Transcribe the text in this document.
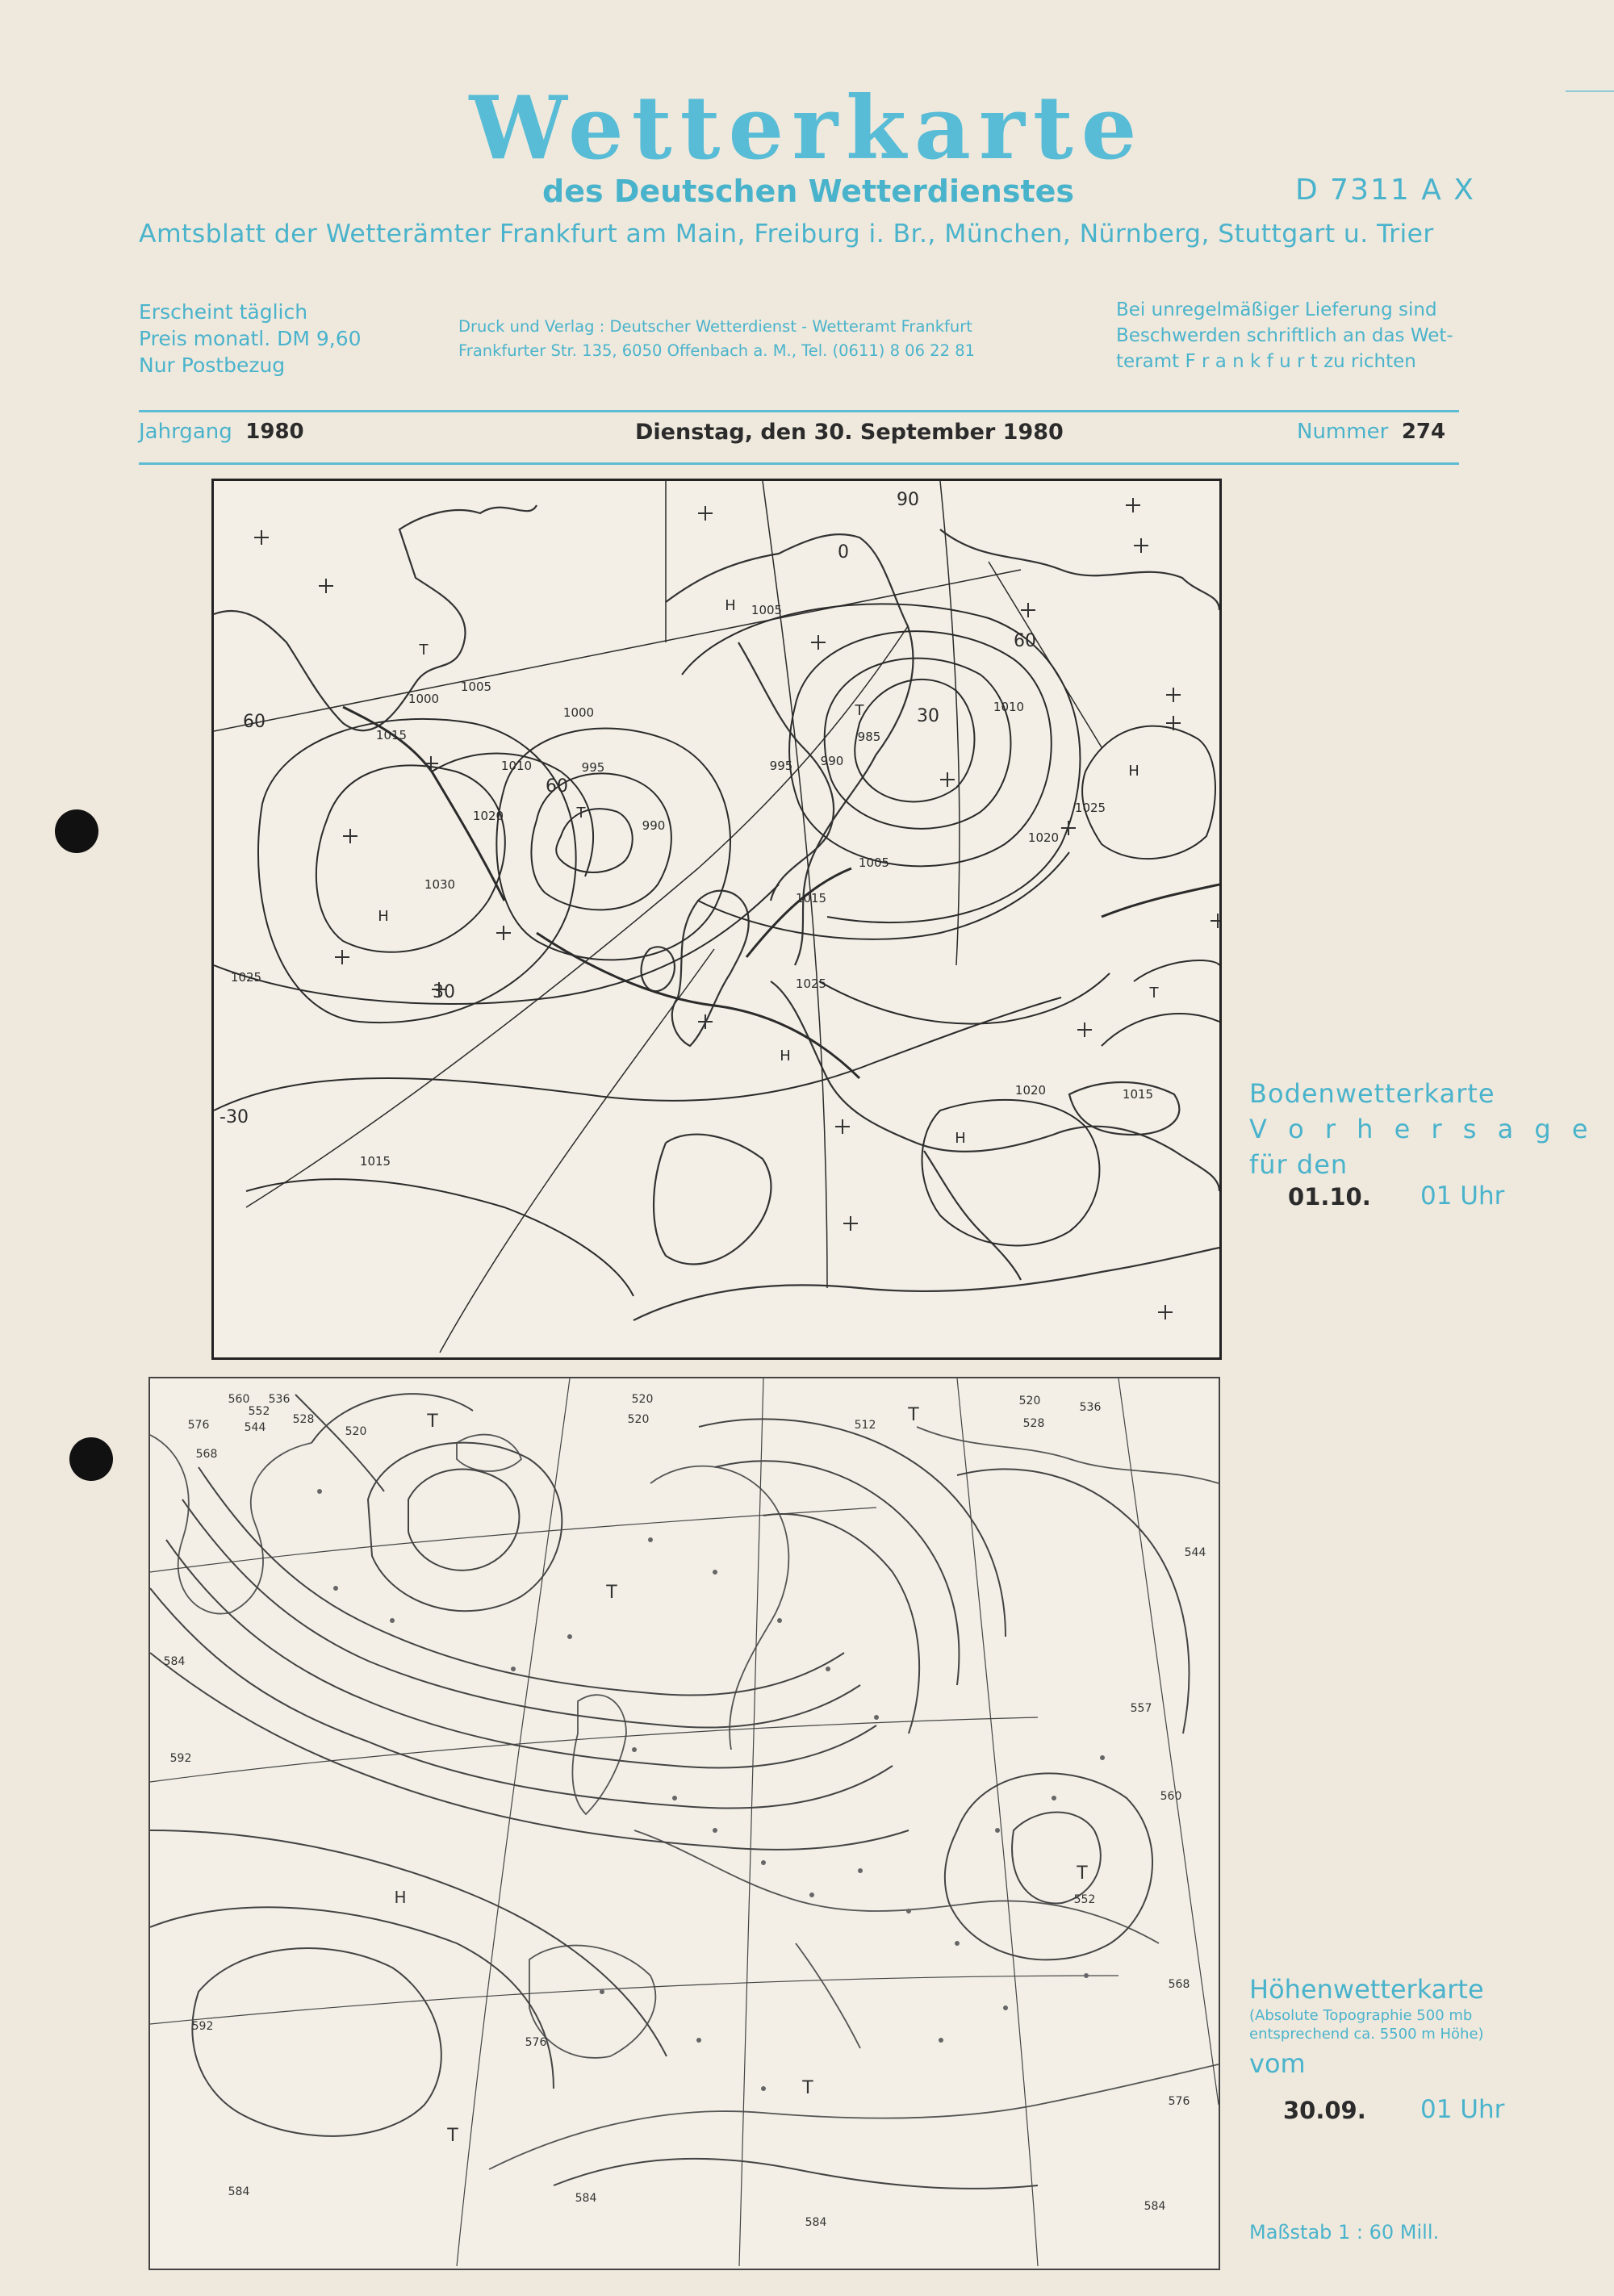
Wetterkarte
des Deutschen Wetterdienstes	D 7311 A X
Amtsblatt der Wetterämter Frankfurt am Main, Freiburg i. Br., München, Nürnberg, Stuttgart u. Trier
Erscheint täglich
Preis monatl. DM 9,60
Nur Postbezug
Druck und Verlag : Deutscher Wetterdienst - Wetteramt Frankfurt
Frankfurter Str. 135, 6050 Offenbach a. M., Tel. (0611) 8 06 22 81
Bei unregelmäßiger Lieferung sind
Beschwerden schriftlich an das Wet-
teramt F r a n k f u r t zu richten
Jahrgang 1980	Dienstag, den 30. September 1980	Nummer 274
H
H
H
H
H
T
T
T
T
1000
1005
1005
1015
1020
1030
1025
1000
1010	995
990
985
995 990
1010
1025
1020
1005
1015
1025
1020	1015
1015
60
60
60
90
0
30
30
-30
Bodenwetterkarte
V o r h e r s a g e
für den
01.10. 01 Uhr
560
552
536
528
576	544
568
520
520
520	512
520
528
536
544
557
560
552
568
576
584
592
592
576
584	584
584
584
T
T
T
T
T
T
H
Höhenwetterkarte
(Absolute Topographie 500 mb
entsprechend ca. 5500 m Höhe)
vom
30.09. 01 Uhr
Maßstab 1 : 60 Mill.
